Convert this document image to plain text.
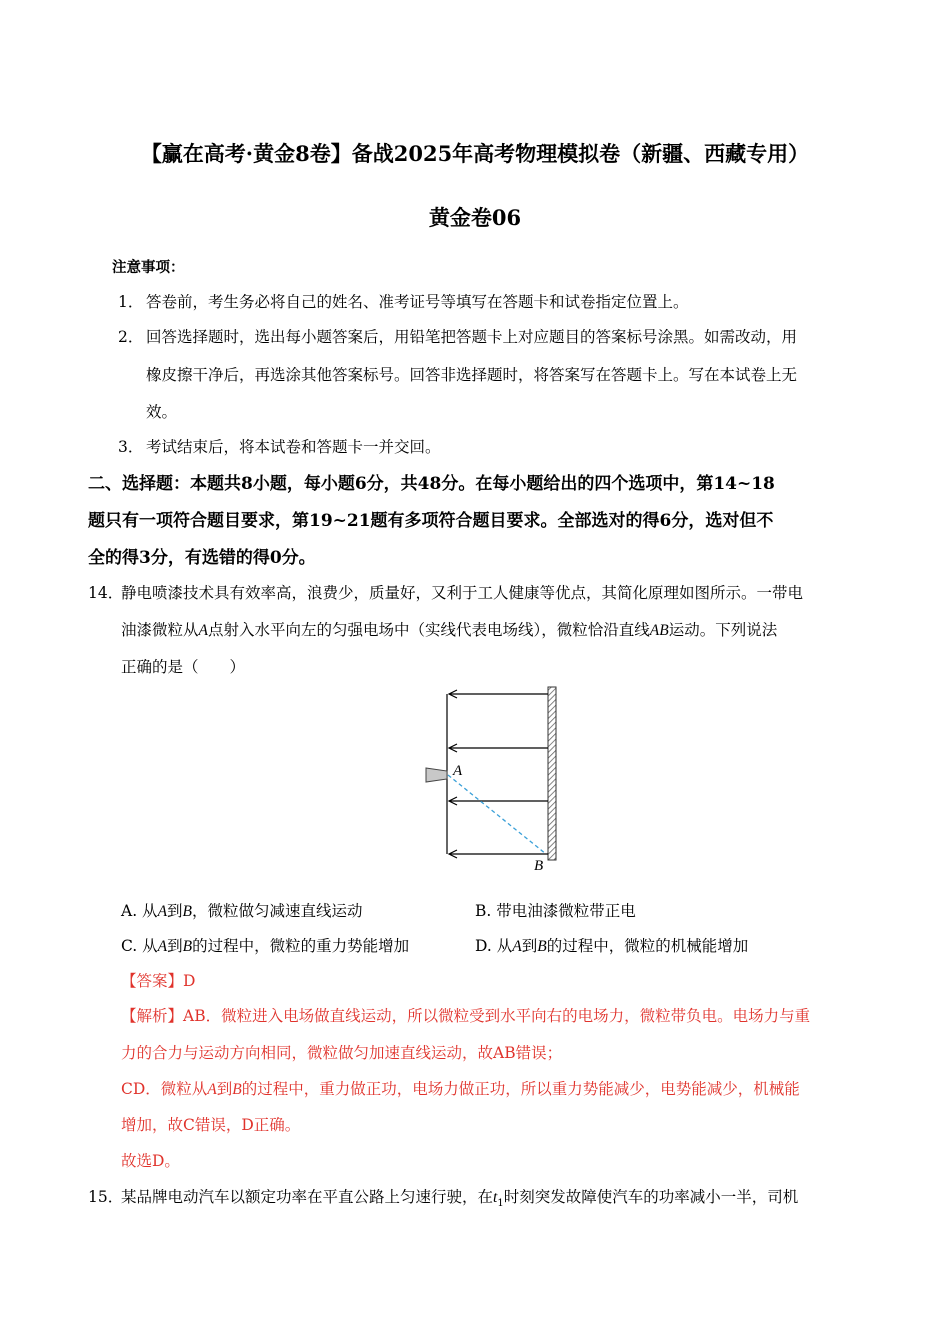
【赢在高考·黄金8卷】备战2025年高考物理模拟卷（新疆、西藏专用）
黄金卷06
注意事项：
1． 答卷前，考生务必将自己的姓名、准考证号等填写在答题卡和试卷指定位置上。
2． 回答选择题时，选出每小题答案后，用铅笔把答题卡上对应题目的答案标号涂黑。如需改动，用
橡皮擦干净后，再选涂其他答案标号。回答非选择题时，将答案写在答题卡上。写在本试卷上无
效。
3． 考试结束后，将本试卷和答题卡一并交回。
二、选择题：本题共8小题，每小题6分，共48分。在每小题给出的四个选项中，第14~18
题只有一项符合题目要求，第19~21题有多项符合题目要求。全部选对的得6分，选对但不
全的得3分，有选错的得0分。
14．
静电喷漆技术具有效率高，浪费少，质量好，又利于工人健康等优点，其简化原理如图所示。一带电
油漆微粒从A点射入水平向左的匀强电场中（实线代表电场线），微粒恰沿直线AB运动。下列说法
正确的是（　　）
A
B
A. 从A到B，微粒做匀减速直线运动	B. 带电油漆微粒带正电
C. 从A到B的过程中，微粒的重力势能增加	D. 从A到B的过程中，微粒的机械能增加
【答案】D
【解析】AB．微粒进入电场做直线运动，所以微粒受到水平向右的电场力，微粒带负电。电场力与重
力的合力与运动方向相同，微粒做匀加速直线运动，故AB错误；
CD．微粒从A到B的过程中，重力做正功，电场力做正功，所以重力势能减少，电势能减少，机械能
增加，故C错误，D正确。
故选D。
15．
某品牌电动汽车以额定功率在平直公路上匀速行驶，在$t_1$时刻突发故障使汽车的功率减小一半，司机
